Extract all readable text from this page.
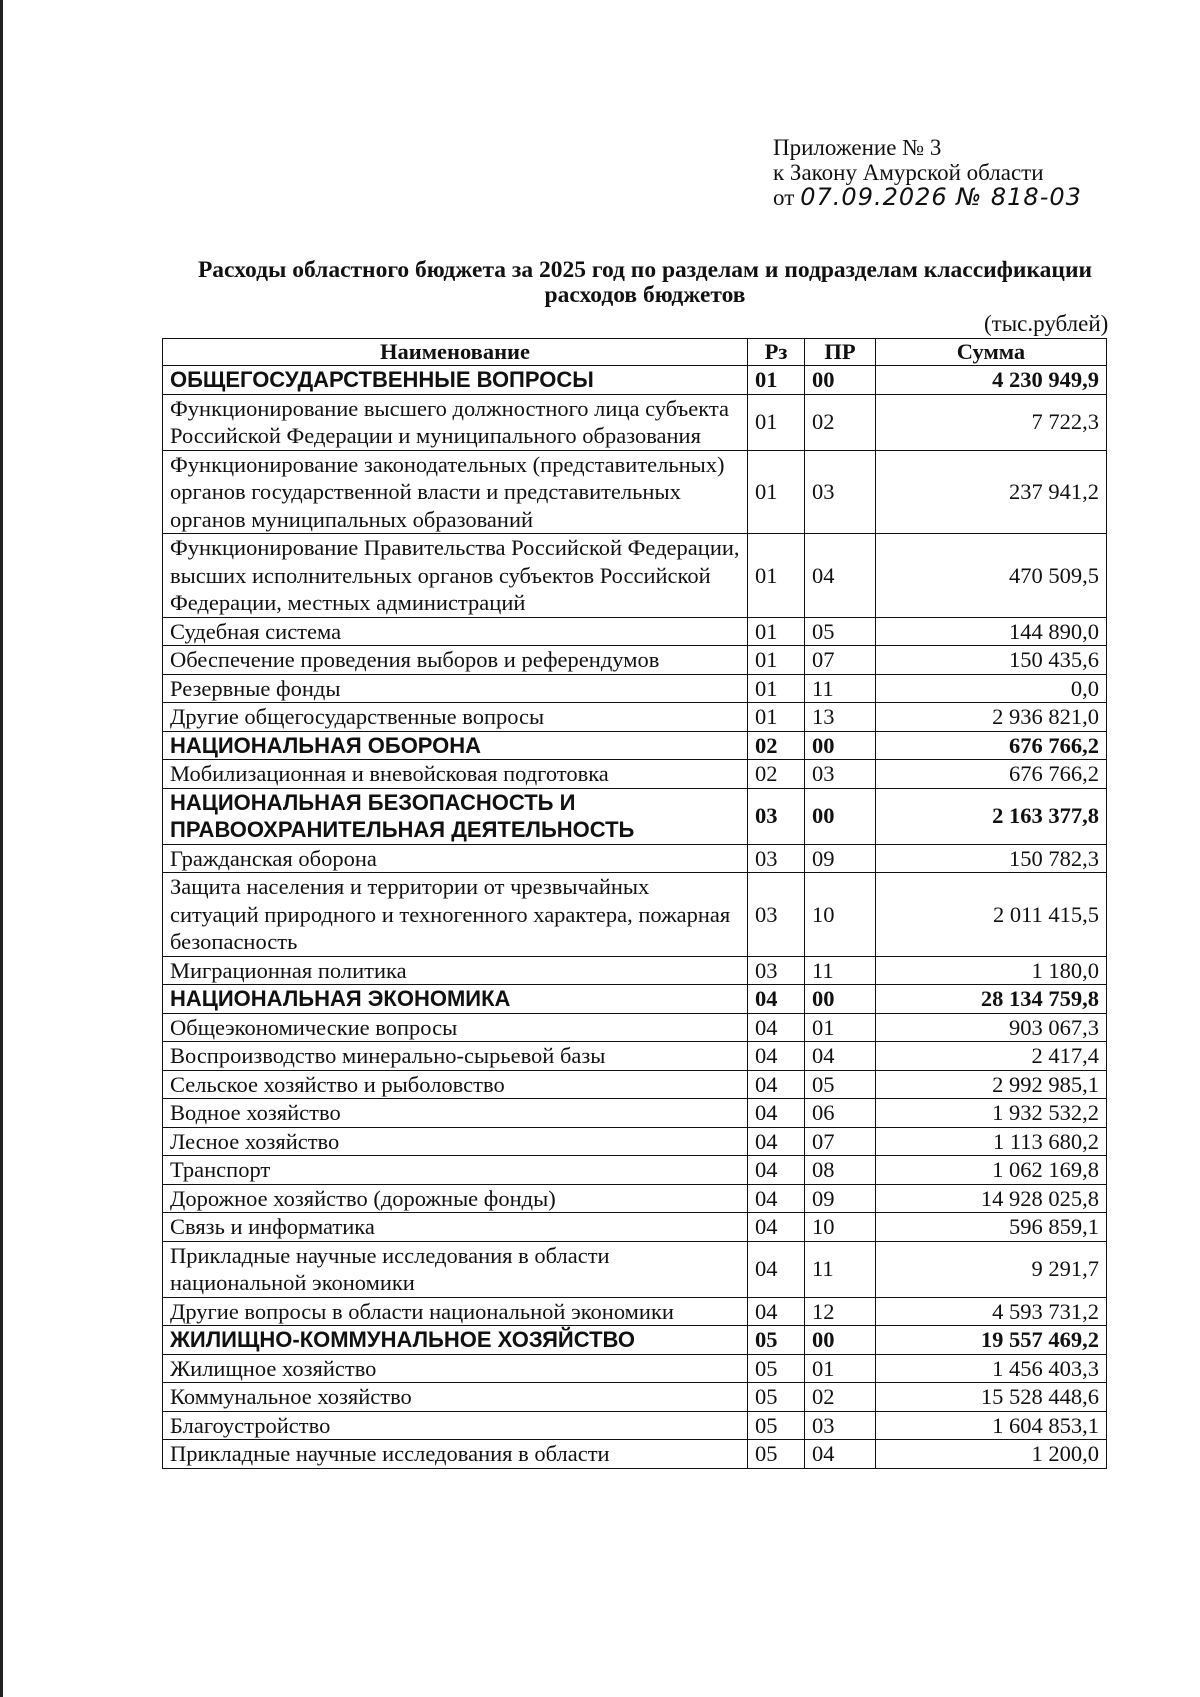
Приложение № 3
к Закону Амурской области
от 07.09.2026 № 818-03
Расходы областного бюджета за 2025 год по разделам и подразделам классификации расходов бюджетов
(тыс.рублей)
Наименование	Рз	ПР	Сумма
ОБЩЕГОСУДАРСТВЕННЫЕ ВОПРОСЫ	01	00	4 230 949,9
Функционирование высшего должностного лица субъекта Российской Федерации и муниципального образования	01	02	7 722,3
Функционирование законодательных (представительных) органов государственной власти и представительных органов муниципальных образований	01	03	237 941,2
Функционирование Правительства Российской Федерации, высших исполнительных органов субъектов Российской Федерации, местных администраций	01	04	470 509,5
Судебная система	01	05	144 890,0
Обеспечение проведения выборов и референдумов	01	07	150 435,6
Резервные фонды	01	11	0,0
Другие общегосударственные вопросы	01	13	2 936 821,0
НАЦИОНАЛЬНАЯ ОБОРОНА	02	00	676 766,2
Мобилизационная и вневойсковая подготовка	02	03	676 766,2
НАЦИОНАЛЬНАЯ БЕЗОПАСНОСТЬ И ПРАВООХРАНИТЕЛЬНАЯ ДЕЯТЕЛЬНОСТЬ	03	00	2 163 377,8
Гражданская оборона	03	09	150 782,3
Защита населения и территории от чрезвычайных ситуаций природного и техногенного характера, пожарная безопасность	03	10	2 011 415,5
Миграционная политика	03	11	1 180,0
НАЦИОНАЛЬНАЯ ЭКОНОМИКА	04	00	28 134 759,8
Общеэкономические вопросы	04	01	903 067,3
Воспроизводство минерально-сырьевой базы	04	04	2 417,4
Сельское хозяйство и рыболовство	04	05	2 992 985,1
Водное хозяйство	04	06	1 932 532,2
Лесное хозяйство	04	07	1 113 680,2
Транспорт	04	08	1 062 169,8
Дорожное хозяйство (дорожные фонды)	04	09	14 928 025,8
Связь и информатика	04	10	596 859,1
Прикладные научные исследования в области национальной экономики	04	11	9 291,7
Другие вопросы в области национальной экономики	04	12	4 593 731,2
ЖИЛИЩНО-КОММУНАЛЬНОЕ ХОЗЯЙСТВО	05	00	19 557 469,2
Жилищное хозяйство	05	01	1 456 403,3
Коммунальное хозяйство	05	02	15 528 448,6
Благоустройство	05	03	1 604 853,1
Прикладные научные исследования в области	05	04	1 200,0
